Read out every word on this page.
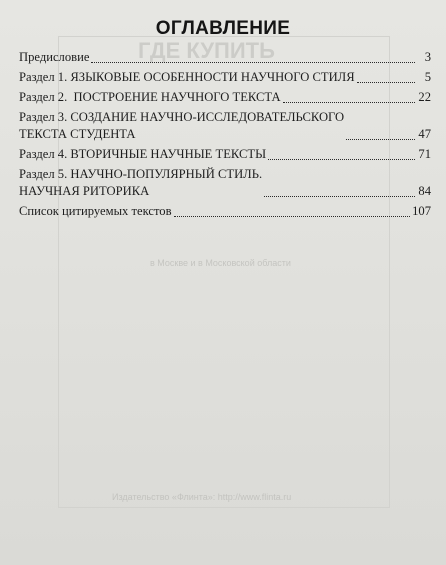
ГДЕ КУПИТЬ
в Москве и в Московской области
Издательство «Флинта»: http://www.flinta.ru
ОГЛАВЛЕНИЕ
Предисловие	3
Раздел 1. ЯЗЫКОВЫЕ ОСОБЕННОСТИ НАУЧНОГО СТИЛЯ	5
Раздел 2.  ПОСТРОЕНИЕ НАУЧНОГО ТЕКСТА	22
Раздел 3. СОЗДАНИЕ НАУЧНО-ИССЛЕДОВАТЕЛЬСКОГО
ТЕКСТА СТУДЕНТА	47
Раздел 4. ВТОРИЧНЫЕ НАУЧНЫЕ ТЕКСТЫ	71
Раздел 5. НАУЧНО-ПОПУЛЯРНЫЙ СТИЛЬ.
НАУЧНАЯ РИТОРИКА	84
Список цитируемых текстов	107
